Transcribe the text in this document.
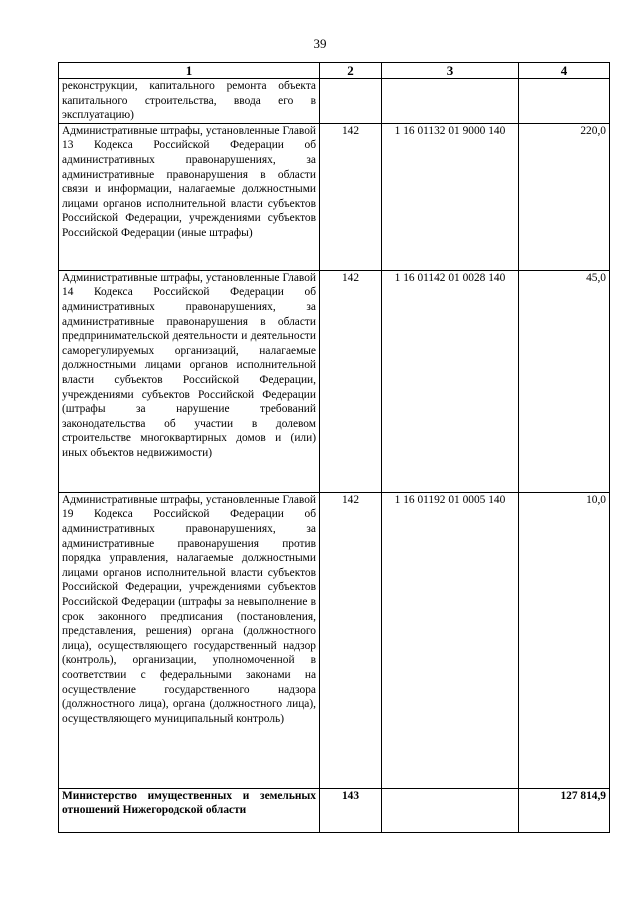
39
1	2	3	4
реконструкции, капитального ремонта объекта капитального строительства, ввода его в эксплуатацию)			
Административные штрафы, установленные Главой 13 Кодекса Российской Федерации об административных правонарушениях, за административные правонарушения в области связи и информации, налагаемые должностными лицами органов исполнительной власти субъектов Российской Федерации, учреждениями субъектов Российской Федерации (иные штрафы)	142	1 16 01132 01 9000 140	220,0
Административные штрафы, установленные Главой 14 Кодекса Российской Федерации об административных правонарушениях, за административные правонарушения в области предпринимательской деятельности и деятельности саморегулируемых организаций, налагаемые должностными лицами органов исполнительной власти субъектов Российской Федерации, учреждениями субъектов Российской Федерации (штрафы за нарушение требований законодательства об участии в долевом строительстве многоквартирных домов и (или) иных объектов недвижимости)	142	1 16 01142 01 0028 140	45,0
Административные штрафы, установленные Главой 19 Кодекса Российской Федерации об административных правонарушениях, за административные правонарушения против порядка управления, налагаемые должностными лицами органов исполнительной власти субъектов Российской Федерации, учреждениями субъектов Российской Федерации (штрафы за невыполнение в срок законного предписания (постановления, представления, решения) органа (должностного лица), осуществляющего государственный надзор (контроль), организации, уполномоченной в соответствии с федеральными законами на осуществление государственного надзора (должностного лица), органа (должностного лица), осуществляющего муниципальный контроль)	142	1 16 01192 01 0005 140	10,0
Министерство имущественных и земельных отношений Нижегородской области	143		127 814,9
